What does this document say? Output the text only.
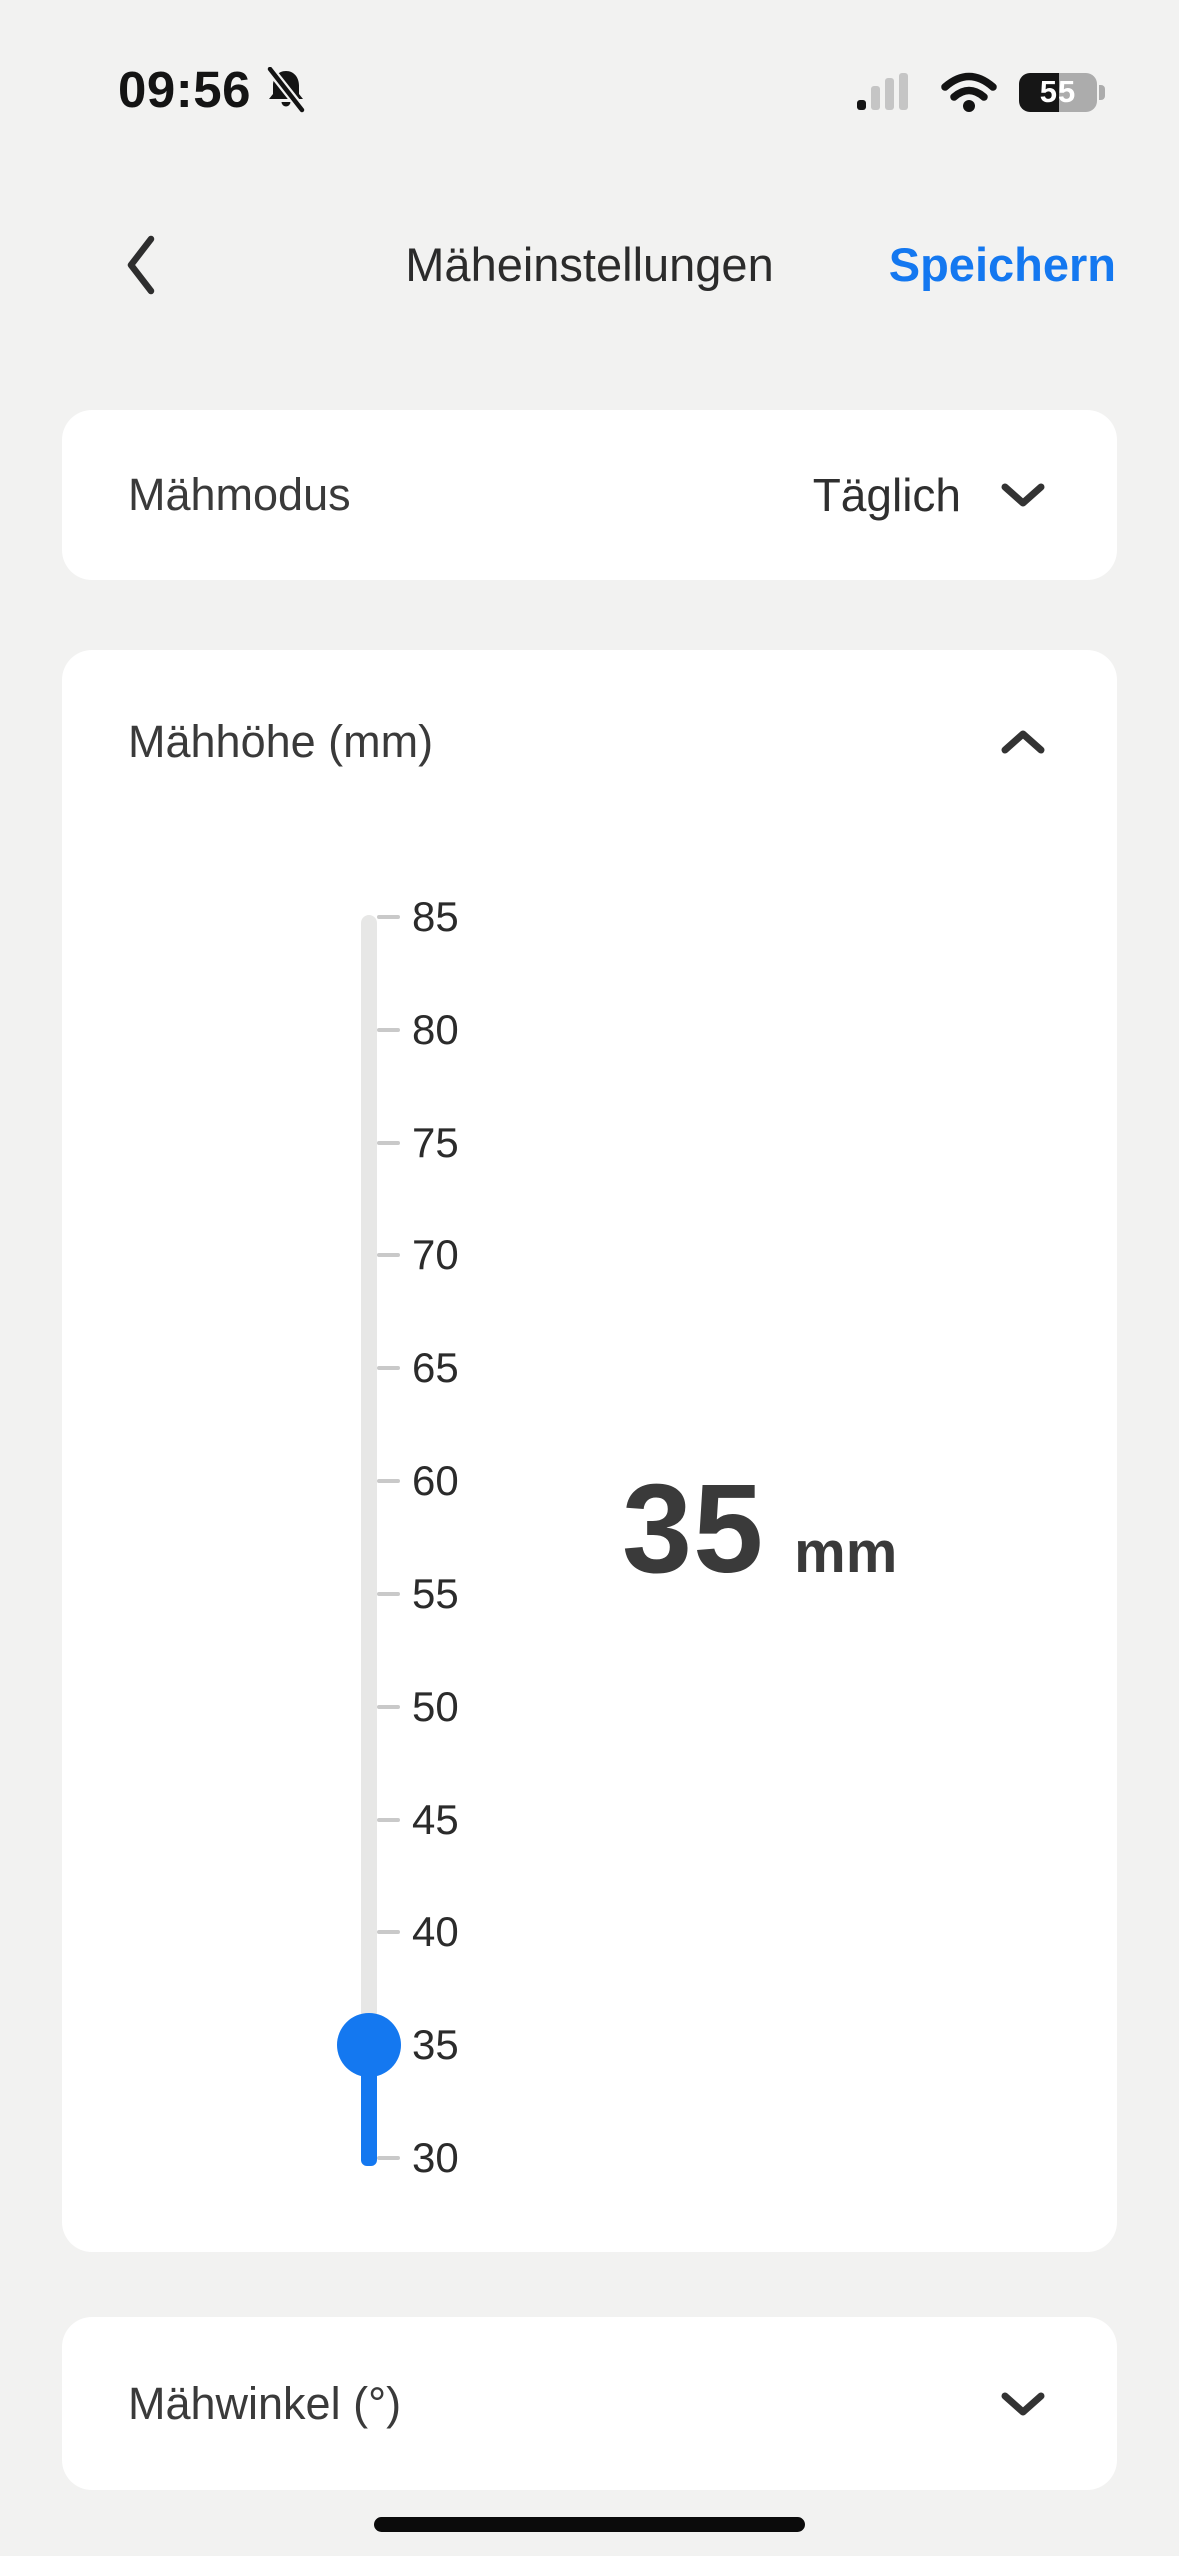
09:56	55
Mäheinstellungen	Speichern
Mähmodus	Täglich
Mähhöhe (mm)
85
80
75
70
65
60
55
50
45
40
35
30
35 mm
Mähwinkel (°)
